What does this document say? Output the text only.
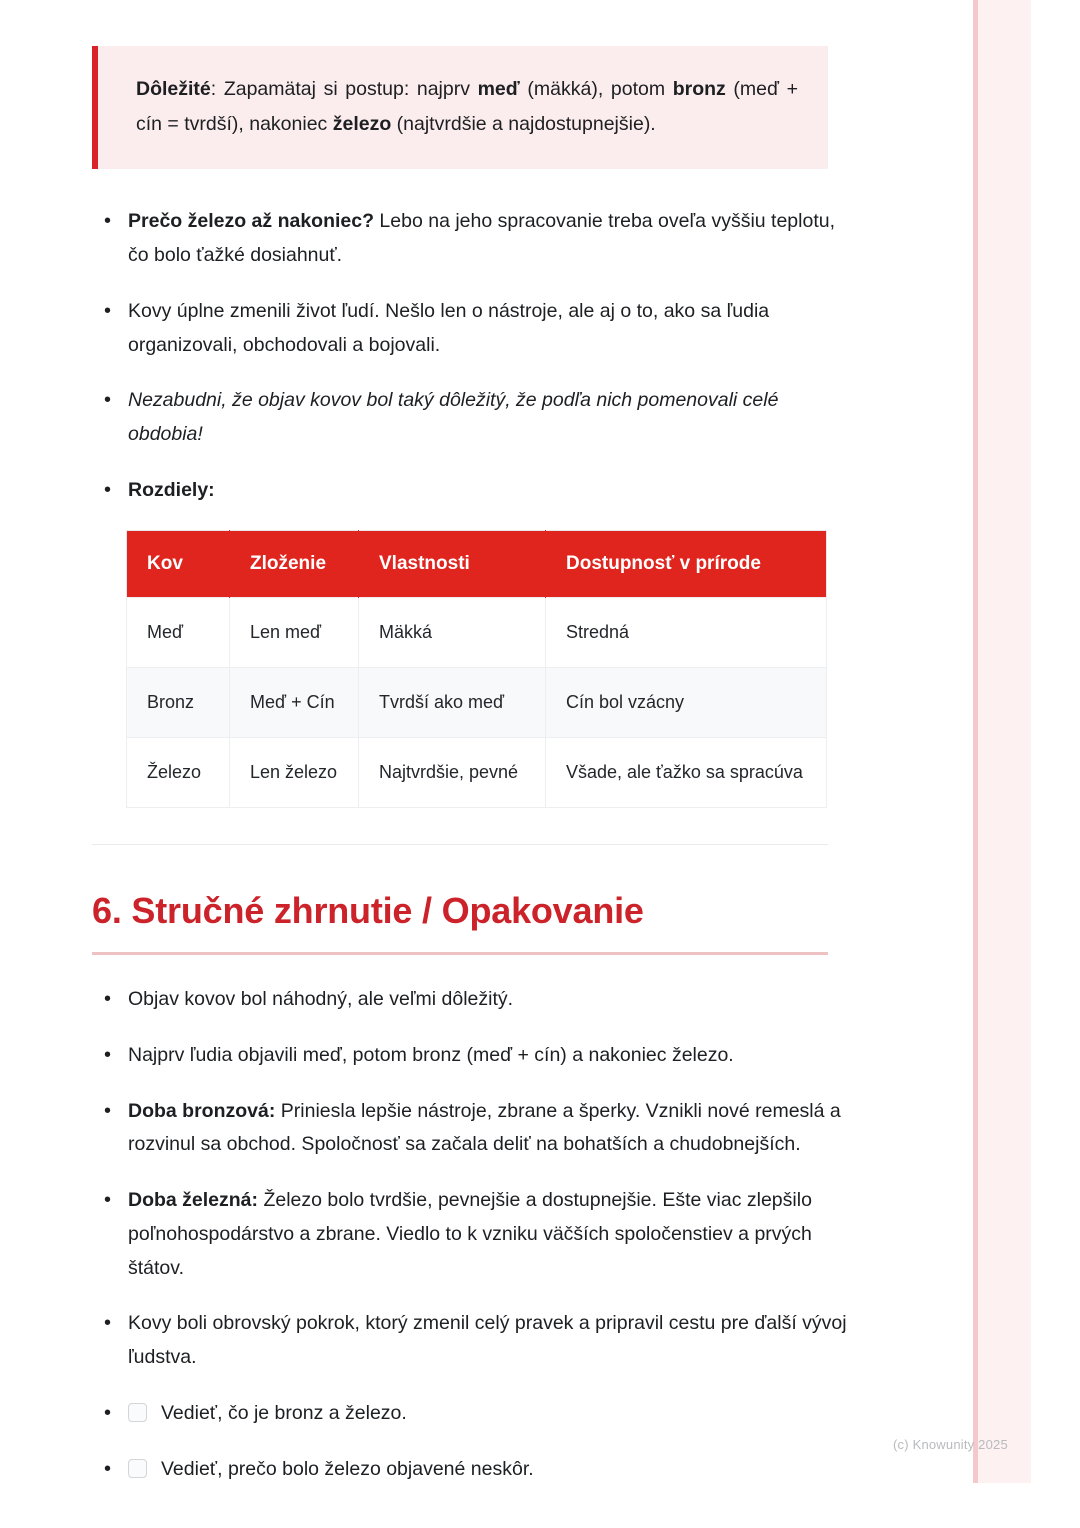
Dôležité: Zapamätaj si postup: najprv meď (mäkká), potom bronz (meď + cín = tvrdší), nakoniec železo (najtvrdšie a najdostupnejšie).

• Prečo železo až nakoniec? Lebo na jeho spracovanie treba oveľa vyššiu teplotu, čo bolo ťažké dosiahnuť.
• Kovy úplne zmenili život ľudí. Nešlo len o nástroje, ale aj o to, ako sa ľudia organizovali, obchodovali a bojovali.
• Nezabudni, že objav kovov bol taký dôležitý, že podľa nich pomenovali celé obdobia!
• Rozdiely:
Kov	Zloženie	Vlastnosti	Dostupnosť v prírode
Meď	Len meď	Mäkká	Stredná
Bronz	Meď + Cín	Tvrdší ako meď	Cín bol vzácny
Železo	Len železo	Najtvrdšie, pevné	Všade, ale ťažko sa spracúva
6. Stručné zhrnutie / Opakovanie
• Objav kovov bol náhodný, ale veľmi dôležitý.
• Najprv ľudia objavili meď, potom bronz (meď + cín) a nakoniec železo.
• Doba bronzová: Priniesla lepšie nástroje, zbrane a šperky. Vznikli nové remeslá a rozvinul sa obchod. Spoločnosť sa začala deliť na bohatších a chudobnejších.
• Doba železná: Železo bolo tvrdšie, pevnejšie a dostupnejšie. Ešte viac zlepšilo poľnohospodárstvo a zbrane. Viedlo to k vzniku väčších spoločenstiev a prvých štátov.
• Kovy boli obrovský pokrok, ktorý zmenil celý pravek a pripravil cestu pre ďalší vývoj ľudstva.
• Vedieť, čo je bronz a železo.
• Vedieť, prečo bolo železo objavené neskôr.
(c) Knowunity 2025
